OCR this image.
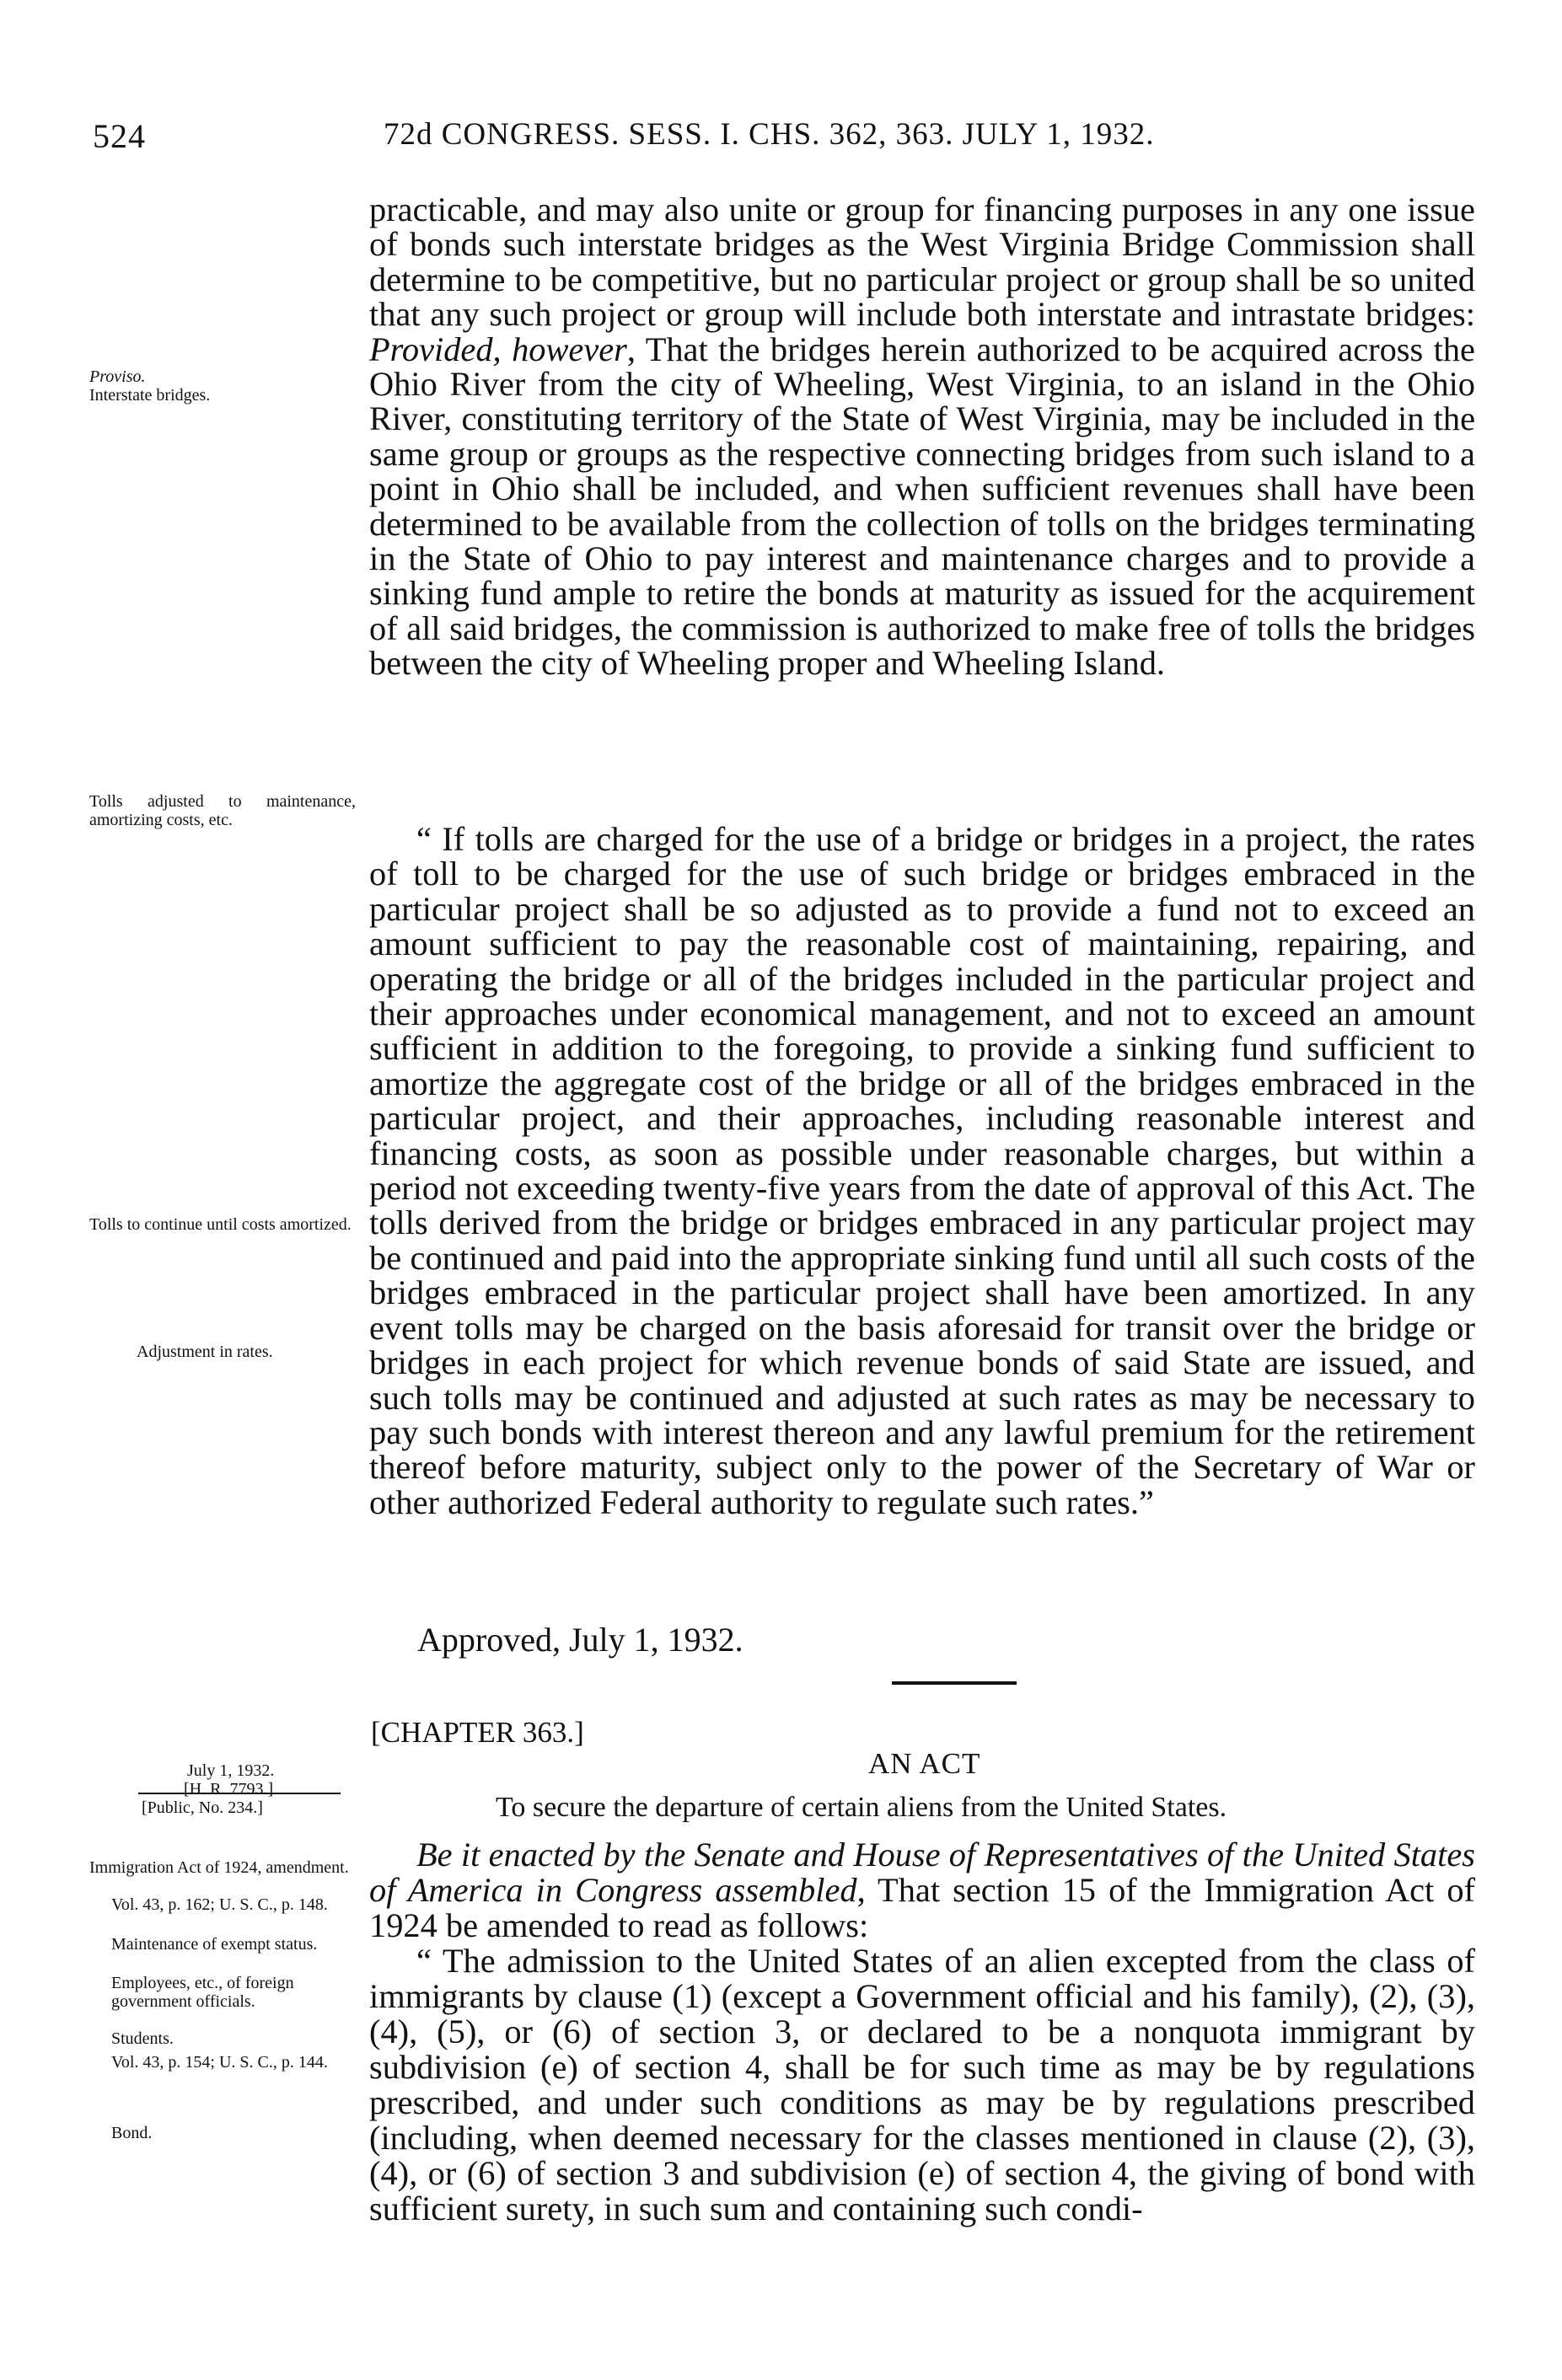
524	72d CONGRESS. SESS. I. CHS. 362, 363. JULY 1, 1932.
Proviso.
Interstate bridges.
Tolls adjusted to maintenance, amortizing costs, etc.
Tolls to continue until costs amortized.
Adjustment in rates.
July 1, 1932.
[H. R. 7793.]
[Public, No. 234.]
Immigration Act of 1924, amendment.
Vol. 43, p. 162; U. S. C., p. 148.
Maintenance of exempt status.
Employees, etc., of foreign government officials.
Students.
Vol. 43, p. 154; U. S. C., p. 144.
Bond.

practicable, and may also unite or group for financing purposes in any one issue of bonds such interstate bridges as the West Virginia Bridge Commission shall determine to be competitive, but no particular project or group shall be so united that any such project or group will include both interstate and intrastate bridges: Provided, however, That the bridges herein authorized to be acquired across the Ohio River from the city of Wheeling, West Virginia, to an island in the Ohio River, constituting territory of the State of West Virginia, may be included in the same group or groups as the respective connecting bridges from such island to a point in Ohio shall be included, and when sufficient revenues shall have been determined to be available from the collection of tolls on the bridges terminating in the State of Ohio to pay interest and maintenance charges and to provide a sinking fund ample to retire the bonds at maturity as issued for the acquirement of all said bridges, the commission is authorized to make free of tolls the bridges between the city of Wheeling proper and Wheeling Island.

“ If tolls are charged for the use of a bridge or bridges in a project, the rates of toll to be charged for the use of such bridge or bridges embraced in the particular project shall be so adjusted as to provide a fund not to exceed an amount sufficient to pay the reasonable cost of maintaining, repairing, and operating the bridge or all of the bridges included in the particular project and their approaches under economical management, and not to exceed an amount sufficient in addition to the foregoing, to provide a sinking fund sufficient to amortize the aggregate cost of the bridge or all of the bridges embraced in the particular project, and their approaches, including reasonable interest and financing costs, as soon as possible under reasonable charges, but within a period not exceeding twenty-five years from the date of approval of this Act. The tolls derived from the bridge or bridges embraced in any particular project may be continued and paid into the appropriate sinking fund until all such costs of the bridges embraced in the particular project shall have been amortized. In any event tolls may be charged on the basis aforesaid for transit over the bridge or bridges in each project for which revenue bonds of said State are issued, and such tolls may be continued and adjusted at such rates as may be necessary to pay such bonds with interest thereon and any lawful premium for the retirement thereof before maturity, subject only to the power of the Secretary of War or other authorized Federal authority to regulate such rates.”

Approved, July 1, 1932.
[CHAPTER 363.]
AN ACT
To secure the departure of certain aliens from the United States.

Be it enacted by the Senate and House of Representatives of the United States of America in Congress assembled, That section 15 of the Immigration Act of 1924 be amended to read as follows:

“ The admission to the United States of an alien excepted from the class of immigrants by clause (1) (except a Government official and his family), (2), (3), (4), (5), or (6) of section 3, or declared to be a nonquota immigrant by subdivision (e) of section 4, shall be for such time as may be by regulations prescribed, and under such conditions as may be by regulations prescribed (including, when deemed necessary for the classes mentioned in clause (2), (3), (4), or (6) of section 3 and subdivision (e) of section 4, the giving of bond with sufficient surety, in such sum and containing such condi-
